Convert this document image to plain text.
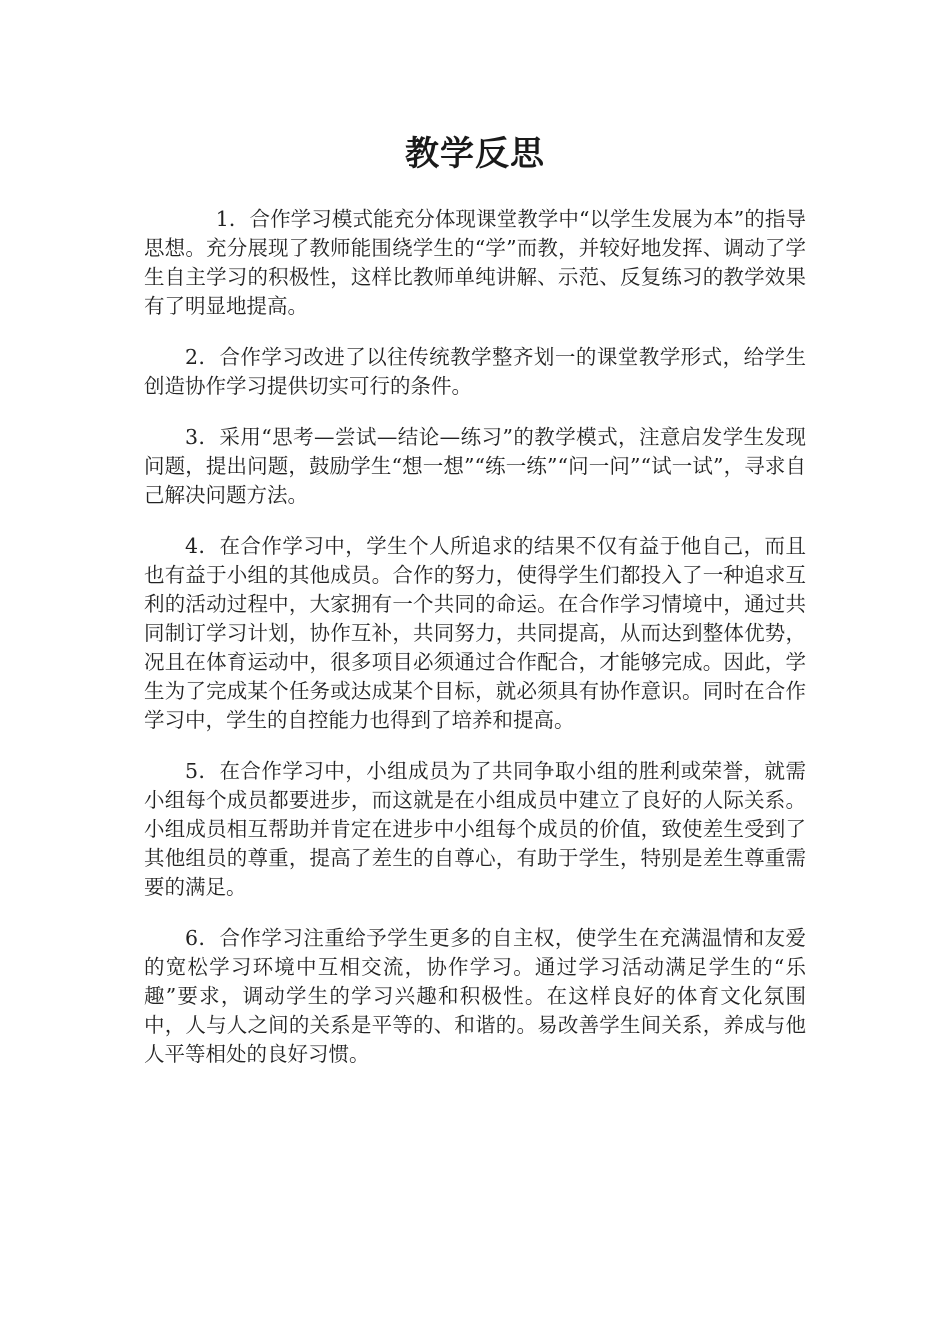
教学反思

1．合作学习模式能充分体现课堂教学中“以学生发展为本”的指导思想。充分展现了教师能围绕学生的“学”而教，并较好地发挥、调动了学生自主学习的积极性，这样比教师单纯讲解、示范、反复练习的教学效果有了明显地提高。

2．合作学习改进了以往传统教学整齐划一的课堂教学形式，给学生创造协作学习提供切实可行的条件。

3．采用“思考—尝试—结论—练习”的教学模式，注意启发学生发现问题，提出问题，鼓励学生“想一想”“练一练”“问一问”“试一试”，寻求自己解决问题方法。

4．在合作学习中，学生个人所追求的结果不仅有益于他自己，而且也有益于小组的其他成员。合作的努力，使得学生们都投入了一种追求互利的活动过程中，大家拥有一个共同的命运。在合作学习情境中，通过共同制订学习计划，协作互补，共同努力，共同提高，从而达到整体优势，况且在体育运动中，很多项目必须通过合作配合，才能够完成。因此，学生为了完成某个任务或达成某个目标，就必须具有协作意识。同时在合作学习中，学生的自控能力也得到了培养和提高。

5．在合作学习中，小组成员为了共同争取小组的胜利或荣誉，就需小组每个成员都要进步，而这就是在小组成员中建立了良好的人际关系。小组成员相互帮助并肯定在进步中小组每个成员的价值，致使差生受到了其他组员的尊重，提高了差生的自尊心，有助于学生，特别是差生尊重需要的满足。

6．合作学习注重给予学生更多的自主权，使学生在充满温情和友爱的宽松学习环境中互相交流，协作学习。通过学习活动满足学生的“乐趣”要求，调动学生的学习兴趣和积极性。在这样良好的体育文化氛围中，人与人之间的关系是平等的、和谐的。易改善学生间关系，养成与他人平等相处的良好习惯。
